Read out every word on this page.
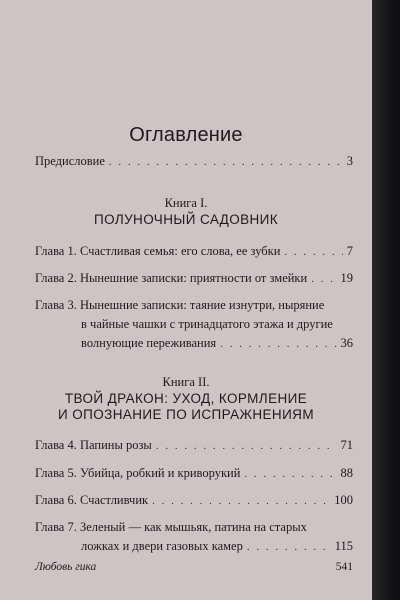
Оглавление
Предисловие . . .	3
Книга I.
ПОЛУНОЧНЫЙ САДОВНИК
Глава 1. Счастливая семья: его слова, ее зубки . . .	7
Глава 2. Нынешние записки: приятности от змейки . . .	19
Глава 3. Нынешние записки: таяние изнутри, ныряние
в чайные чашки с тринадцатого этажа и другие
волнующие переживания . . .	36
Книга II.
ТВОЙ ДРАКОН: УХОД, КОРМЛЕНИЕ
И ОПОЗНАНИЕ ПО ИСПРАЖНЕНИЯМ
Глава 4. Папины розы . . .	71
Глава 5. Убийца, робкий и криворукий . . .	88
Глава 6. Счастливчик . . .	100
Глава 7. Зеленый — как мышьяк, патина на старых
ложках и двери газовых камер . . .	115
Любовь гика	541
